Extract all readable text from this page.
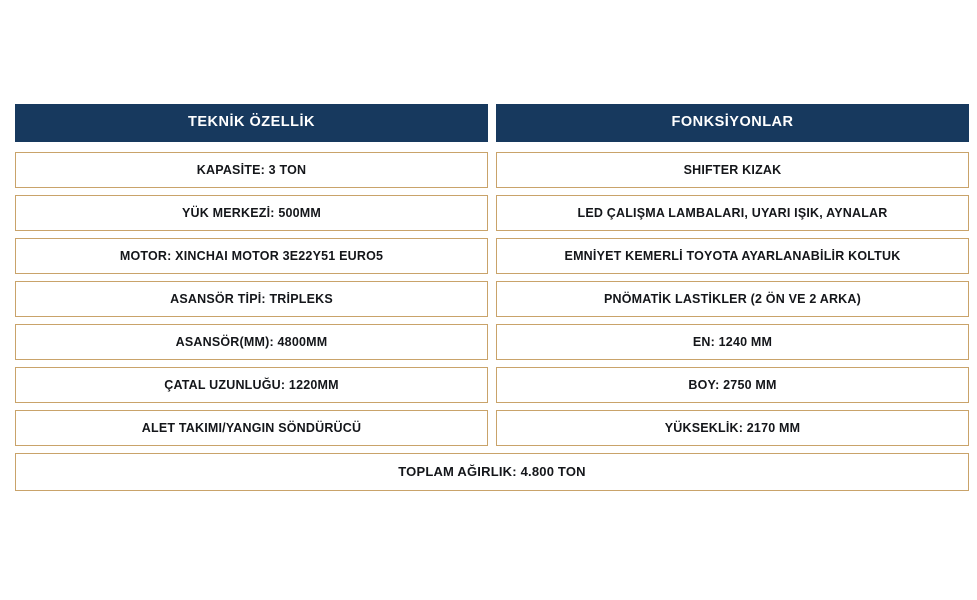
TEKNİK ÖZELLİK
KAPASİTE: 3 TON
YÜK MERKEZİ: 500MM
MOTOR: XINCHAI MOTOR 3E22Y51 EURO5
ASANSÖR TİPİ: TRİPLEKS
ASANSÖR(MM): 4800MM
ÇATAL UZUNLUĞU: 1220MM
ALET TAKIMI/YANGIN SÖNDÜRÜCÜ
FONKSİYONLAR
SHIFTER KIZAK
LED ÇALIŞMA LAMBALARI, UYARI IŞIK, AYNALAR
EMNİYET KEMERLİ TOYOTA AYARLANABİLİR KOLTUK
PNÖMATİK LASTİKLER (2 ÖN VE 2 ARKA)
EN: 1240 MM
BOY: 2750 MM
YÜKSEKLİK: 2170 MM
TOPLAM AĞIRLIK: 4.800 TON
